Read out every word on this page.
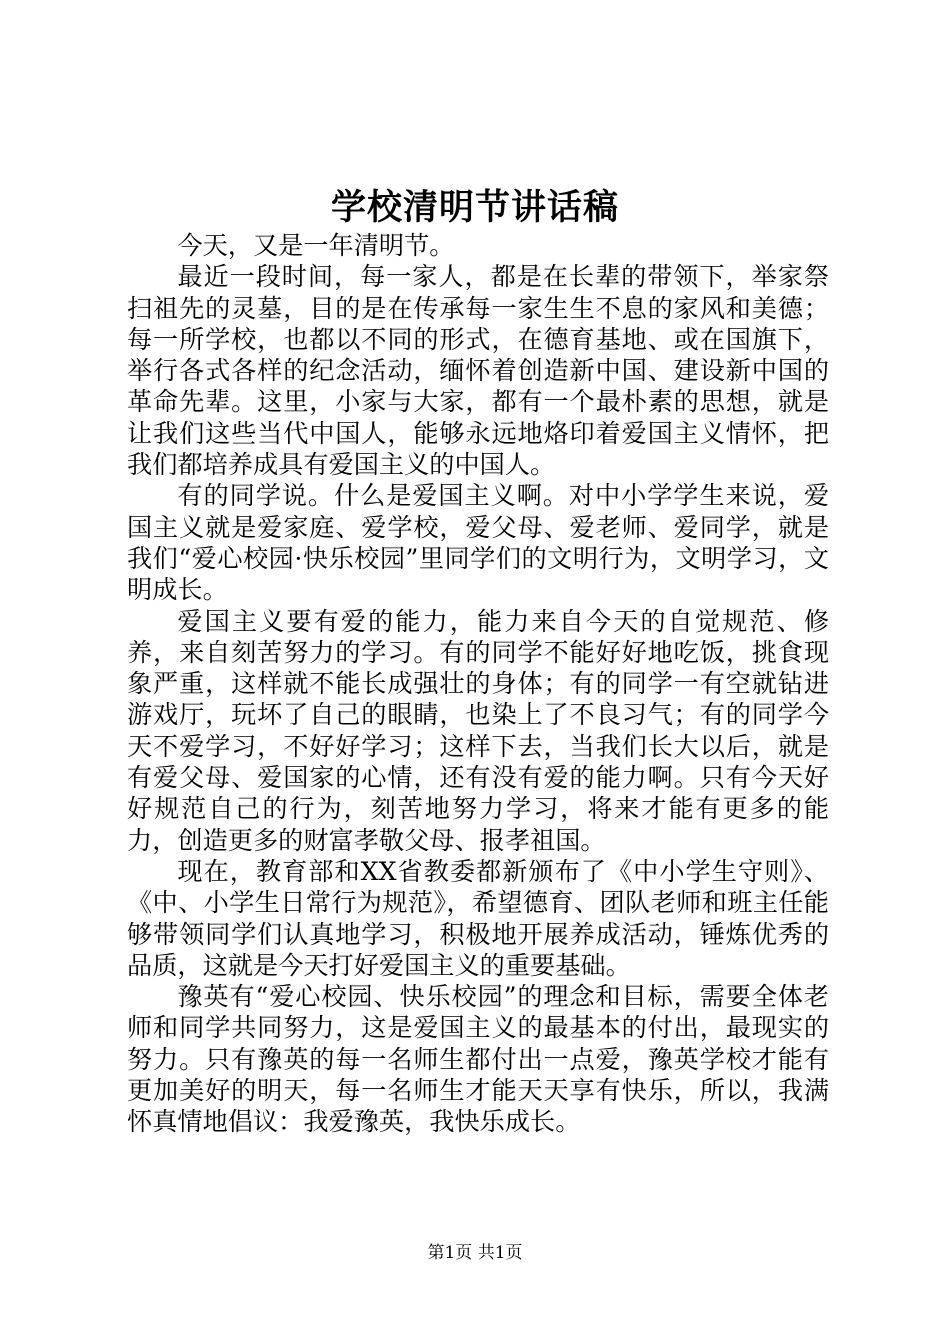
学校清明节讲话稿

今天，又是一年清明节。

最近一段时间，每一家人，都是在长辈的带领下，举家祭扫祖先的灵墓，目的是在传承每一家生生不息的家风和美德；每一所学校，也都以不同的形式，在德育基地、或在国旗下，举行各式各样的纪念活动，缅怀着创造新中国、建设新中国的革命先辈。这里，小家与大家，都有一个最朴素的思想，就是让我们这些当代中国人，能够永远地烙印着爱国主义情怀，把我们都培养成具有爱国主义的中国人。

有的同学说。什么是爱国主义啊。对中小学学生来说，爱国主义就是爱家庭、爱学校，爱父母、爱老师、爱同学，就是我们“爱心校园·快乐校园”里同学们的文明行为，文明学习，文明成长。

爱国主义要有爱的能力，能力来自今天的自觉规范、修养，来自刻苦努力的学习。有的同学不能好好地吃饭，挑食现象严重，这样就不能长成强壮的身体；有的同学一有空就钻进游戏厅，玩坏了自己的眼睛，也染上了不良习气；有的同学今天不爱学习，不好好学习；这样下去，当我们长大以后，就是有爱父母、爱国家的心情，还有没有爱的能力啊。只有今天好好规范自己的行为，刻苦地努力学习，将来才能有更多的能力，创造更多的财富孝敬父母、报孝祖国。

现在，教育部和XX省教委都新颁布了《中小学生守则》、《中、小学生日常行为规范》，希望德育、团队老师和班主任能够带领同学们认真地学习，积极地开展养成活动，锤炼优秀的品质，这就是今天打好爱国主义的重要基础。

豫英有“爱心校园、快乐校园”的理念和目标，需要全体老师和同学共同努力，这是爱国主义的最基本的付出，最现实的努力。只有豫英的每一名师生都付出一点爱，豫英学校才能有更加美好的明天，每一名师生才能天天享有快乐，所以，我满怀真情地倡议：我爱豫英，我快乐成长。

第1页 共1页
